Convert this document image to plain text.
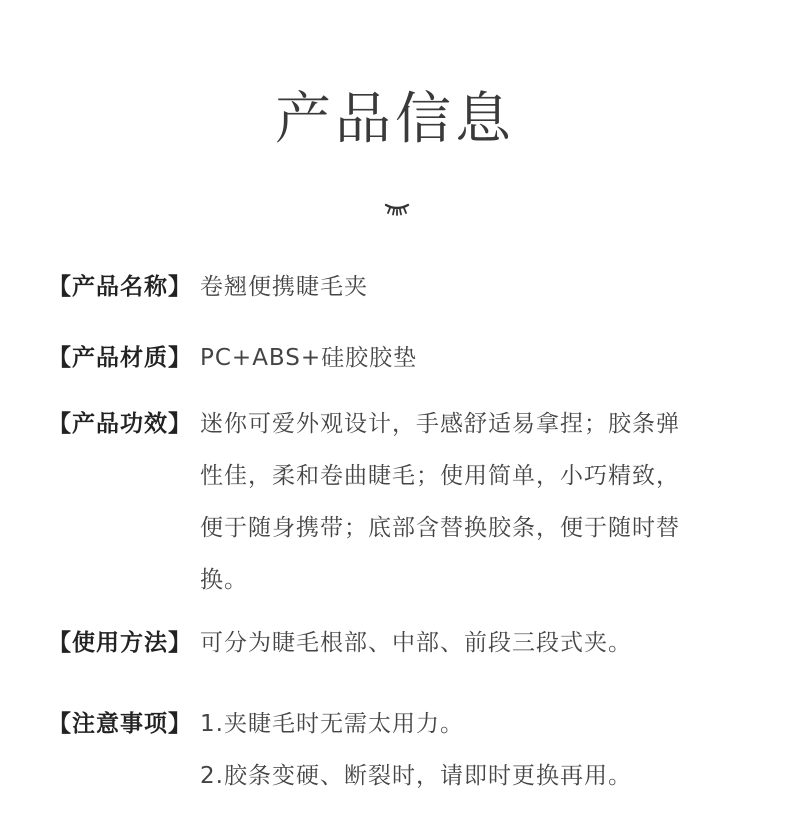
产品信息
【产品名称】 卷翘便携睫毛夹
【产品材质】 PC+ABS+硅胶胶垫
【产品功效】 迷你可爱外观设计，手感舒适易拿捏；胶条弹
性佳，柔和卷曲睫毛；使用简单，小巧精致，
便于随身携带；底部含替换胶条，便于随时替
换。
【使用方法】 可分为睫毛根部、中部、前段三段式夹。
【注意事项】 1.夹睫毛时无需太用力。
2.胶条变硬、断裂时，请即时更换再用。
